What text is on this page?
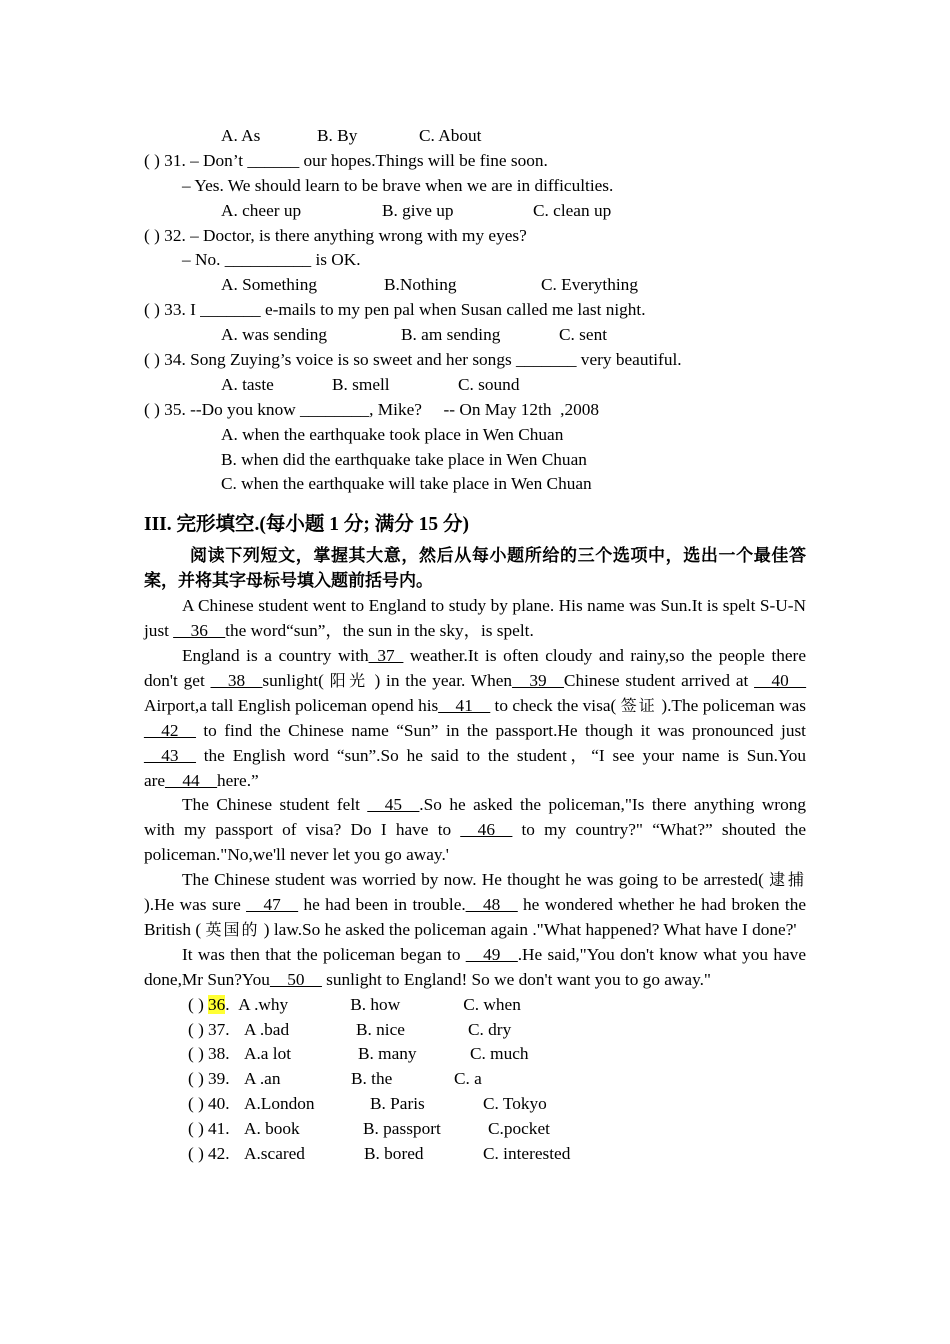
A. As	B. By	C. About
( ) 31. – Don’t ______ our hopes.Things will be fine soon.
– Yes. We should learn to be brave when we are in difficulties.
A. cheer up	B. give up	C. clean up
( ) 32. – Doctor, is there anything wrong with my eyes?
– No. __________ is OK.
A. Something	B.Nothing	C. Everything
( ) 33. I _______ e-mails to my pen pal when Susan called me last night.
A. was sending	B. am sending	C. sent
( ) 34. Song Zuying’s voice is so sweet and her songs _______ very beautiful.
A. taste	B. smell	C. sound
( ) 35. --Do you know ________, Mike?     -- On May 12th  ,2008
A. when the earthquake took place in Wen Chuan
B. when did the earthquake take place in Wen Chuan
C. when the earthquake will take place in Wen Chuan
III. 完形填空.(每小题 1 分; 满分 15 分)
阅读下列短文，掌握其大意，然后从每小题所给的三个选项中，选出一个最佳答案，并将其字母标号填入题前括号内。
A Chinese student went to England to study by plane. His name was Sun.It is spelt S-U-N just __36__the word“sun”，the sun in the sky，is spelt.
England is a country with_37_ weather.It is often cloudy and rainy,so the people there don't get __38__sunlight( 阳光 ) in the year. When__39__Chinese student arrived at __40__ Airport,a tall English policeman opend his__41__ to check the visa( 签证 ).The policeman was __42__ to find the Chinese name “Sun” in the passport.He though it was pronounced just __43__ the English word “sun”.So he said to the student，“I see your name is Sun.You are__44__here.”
The Chinese student felt __45__.So he asked the policeman,"Is there anything wrong with my passport of visa? Do I have to __46__ to my country?" “What?” shouted the policeman."No,we'll never let you go away.'
The Chinese student was worried by now. He thought he was going to be arrested( 逮捕 ).He was sure __47__ he had been in trouble.__48__ he wondered whether he had broken the British ( 英国的 ) law.So he asked the policeman again ."What happened? What have I done?'
It was then that the policeman began to __49__.He said,"You don't know what you have done,Mr Sun?You__50__ sunlight to England! So we don't want you to go away."
( ) 36. A .why	B. how	C. when
( ) 37. A .bad	B. nice	C. dry
( ) 38. A.a lot	B. many	C. much
( ) 39. A .an	B. the	C. a
( ) 40. A.London	B. Paris	C. Tokyo
( ) 41. A. book	B. passport	C.pocket
( ) 42. A.scared	B. bored	C. interested
